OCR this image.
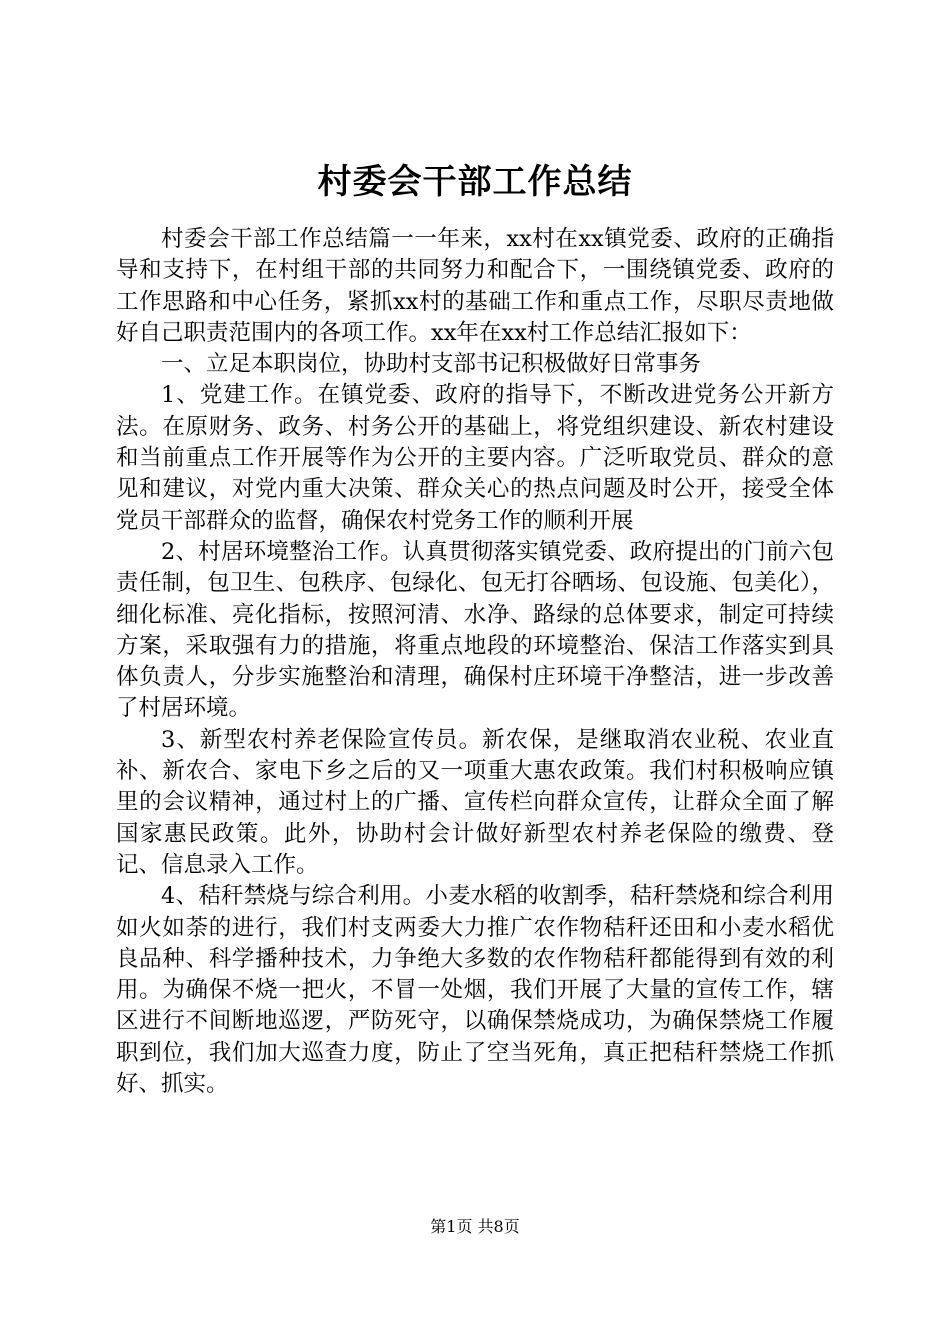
村委会干部工作总结

村委会干部工作总结篇一一年来，xx村在xx镇党委、政府的正确指导和支持下，在村组干部的共同努力和配合下，一围绕镇党委、政府的工作思路和中心任务，紧抓xx村的基础工作和重点工作，尽职尽责地做好自己职责范围内的各项工作。xx年在xx村工作总结汇报如下：

一、立足本职岗位，协助村支部书记积极做好日常事务

1、党建工作。在镇党委、政府的指导下，不断改进党务公开新方法。在原财务、政务、村务公开的基础上，将党组织建设、新农村建设和当前重点工作开展等作为公开的主要内容。广泛听取党员、群众的意见和建议，对党内重大决策、群众关心的热点问题及时公开，接受全体党员干部群众的监督，确保农村党务工作的顺利开展

2、村居环境整治工作。认真贯彻落实镇党委、政府提出的门前六包责任制，包卫生、包秩序、包绿化、包无打谷晒场、包设施、包美化），细化标准、亮化指标，按照河清、水净、路绿的总体要求，制定可持续方案，采取强有力的措施，将重点地段的环境整治、保洁工作落实到具体负责人，分步实施整治和清理，确保村庄环境干净整洁，进一步改善了村居环境。

3、新型农村养老保险宣传员。新农保，是继取消农业税、农业直补、新农合、家电下乡之后的又一项重大惠农政策。我们村积极响应镇里的会议精神，通过村上的广播、宣传栏向群众宣传，让群众全面了解国家惠民政策。此外，协助村会计做好新型农村养老保险的缴费、登记、信息录入工作。

4、秸秆禁烧与综合利用。小麦水稻的收割季，秸秆禁烧和综合利用如火如荼的进行，我们村支两委大力推广农作物秸秆还田和小麦水稻优良品种、科学播种技术，力争绝大多数的农作物秸秆都能得到有效的利用。为确保不烧一把火，不冒一处烟，我们开展了大量的宣传工作，辖区进行不间断地巡逻，严防死守，以确保禁烧成功，为确保禁烧工作履职到位，我们加大巡查力度，防止了空当死角，真正把秸秆禁烧工作抓好、抓实。

第1页 共8页
